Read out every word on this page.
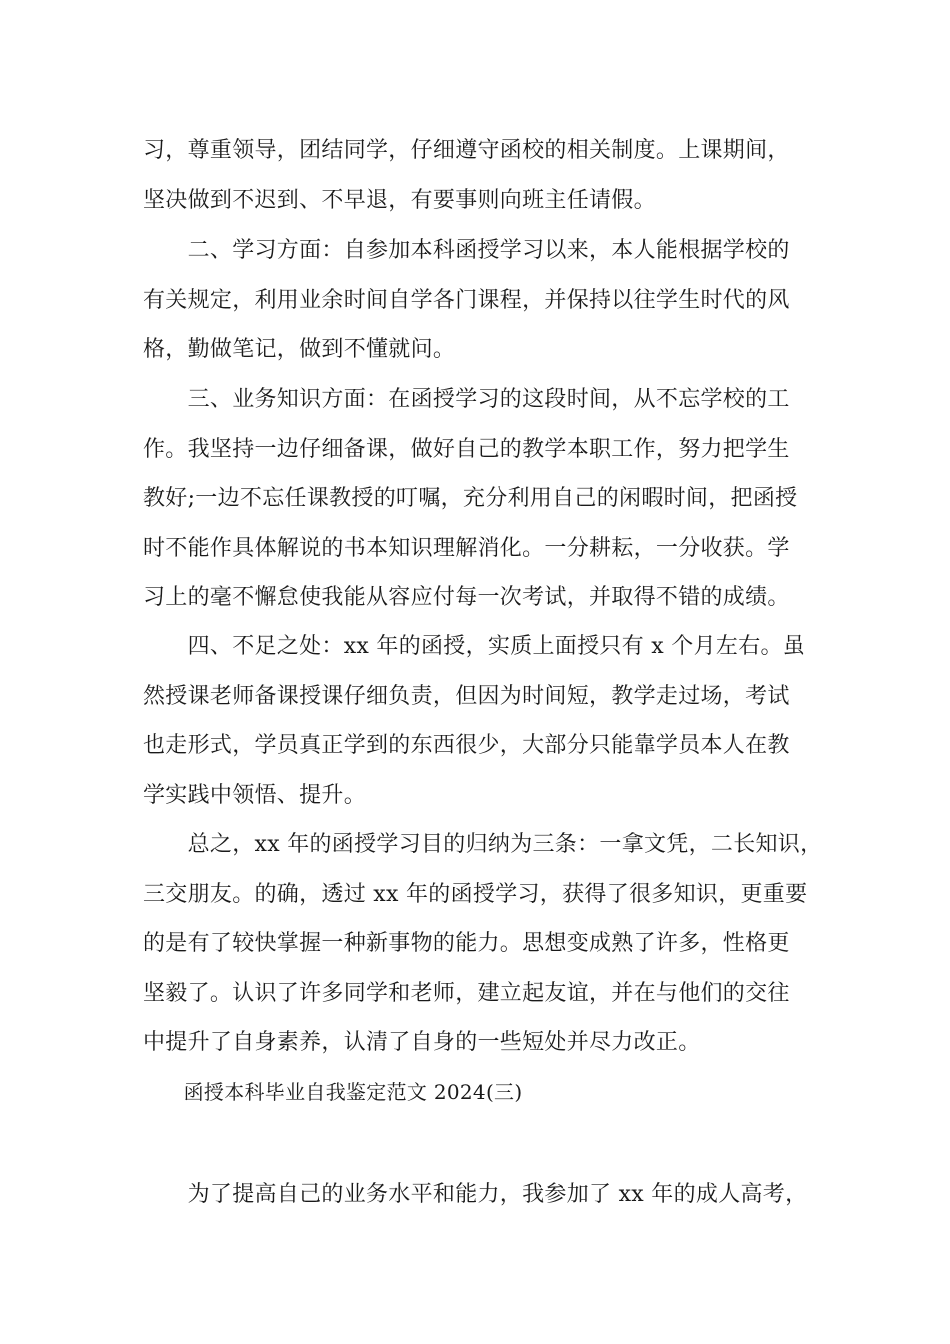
习，尊重领导，团结同学，仔细遵守函校的相关制度。上课期间，
坚决做到不迟到、不早退，有要事则向班主任请假。
　　二、学习方面：自参加本科函授学习以来，本人能根据学校的
有关规定，利用业余时间自学各门课程，并保持以往学生时代的风
格，勤做笔记，做到不懂就问。
　　三、业务知识方面：在函授学习的这段时间，从不忘学校的工
作。我坚持一边仔细备课，做好自己的教学本职工作，努力把学生
教好;一边不忘任课教授的叮嘱，充分利用自己的闲暇时间，把函授
时不能作具体解说的书本知识理解消化。一分耕耘，一分收获。学
习上的毫不懈怠使我能从容应付每一次考试，并取得不错的成绩。
　　四、不足之处：xx 年的函授，实质上面授只有 x 个月左右。虽
然授课老师备课授课仔细负责，但因为时间短，教学走过场，考试
也走形式，学员真正学到的东西很少，大部分只能靠学员本人在教
学实践中领悟、提升。
　　总之，xx 年的函授学习目的归纳为三条：一拿文凭，二长知识，
三交朋友。的确，透过 xx 年的函授学习，获得了很多知识，更重要
的是有了较快掌握一种新事物的能力。思想变成熟了许多，性格更
坚毅了。认识了许多同学和老师，建立起友谊，并在与他们的交往
中提升了自身素养，认清了自身的一些短处并尽力改正。
　　函授本科毕业自我鉴定范文 2024(三)
　　为了提高自己的业务水平和能力，我参加了 xx 年的成人高考，
